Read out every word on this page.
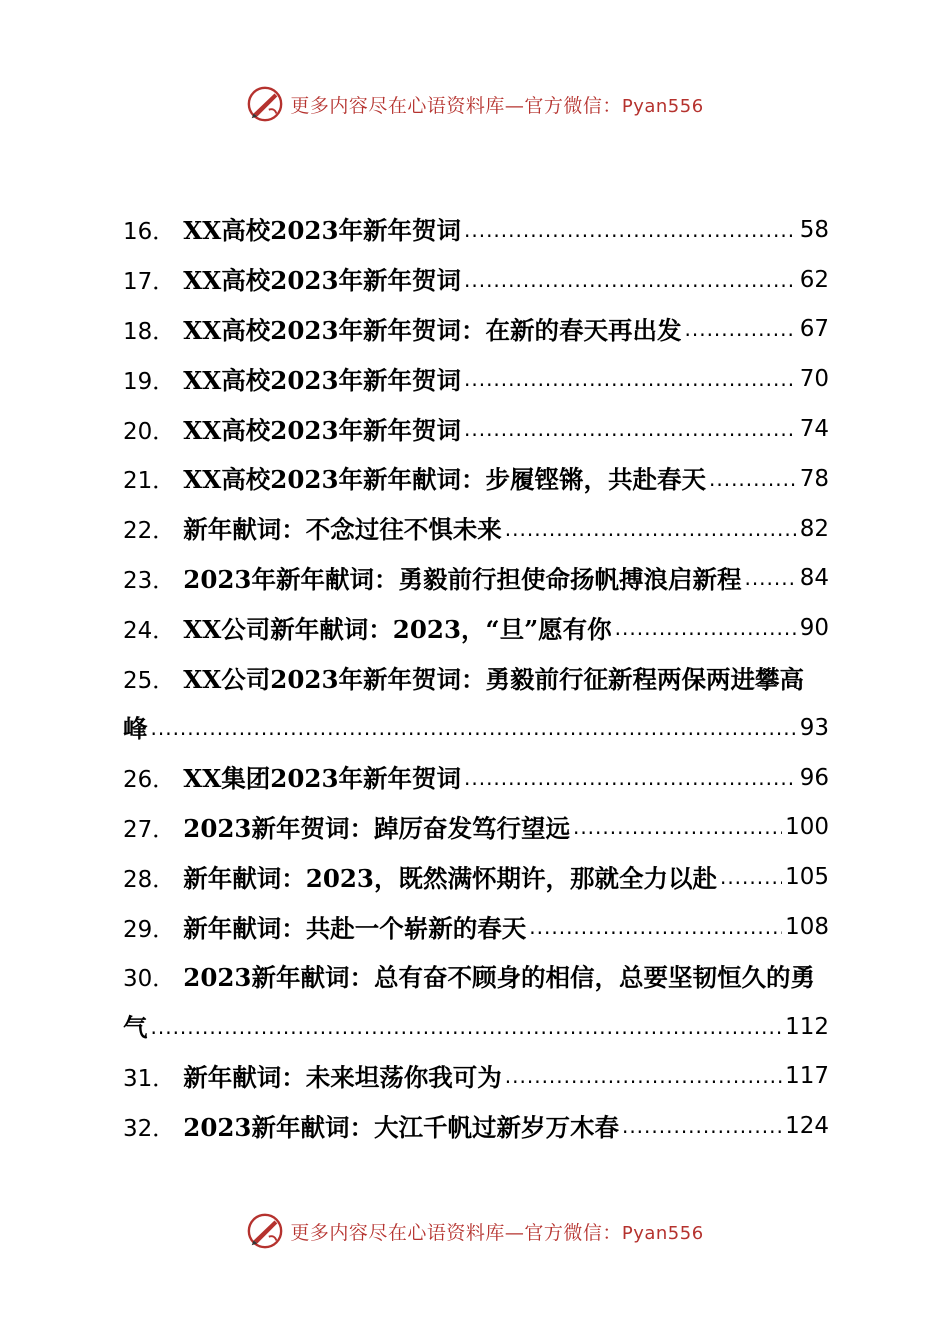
更多内容尽在心语资料库—官方微信：Pyan556
16． XX高校2023年新年贺词 .....	58
17． XX高校2023年新年贺词 .....	62
18． XX高校2023年新年贺词：在新的春天再出发 .....	67
19． XX高校2023年新年贺词 .....	70
20． XX高校2023年新年贺词 .....	74
21． XX高校2023年新年献词：步履铿锵，共赴春天 .....	78
22． 新年献词：不念过往不惧未来 .....	82
23． 2023年新年献词：勇毅前行担使命扬帆搏浪启新程 .....	84
24． XX公司新年献词：2023，“旦”愿有你 .....	90
25． XX公司2023年新年贺词：勇毅前行征新程两保两进攀高
峰 .....	93
26． XX集团2023年新年贺词 .....	96
27． 2023新年贺词：踔厉奋发笃行望远 .....	100
28． 新年献词：2023，既然满怀期许，那就全力以赴 .....	105
29． 新年献词：共赴一个崭新的春天 .....	108
30． 2023新年献词：总有奋不顾身的相信，总要坚韧恒久的勇
气 .....	112
31． 新年献词：未来坦荡你我可为 .....	117
32． 2023新年献词：大江千帆过新岁万木春 .....	124
更多内容尽在心语资料库—官方微信：Pyan556
